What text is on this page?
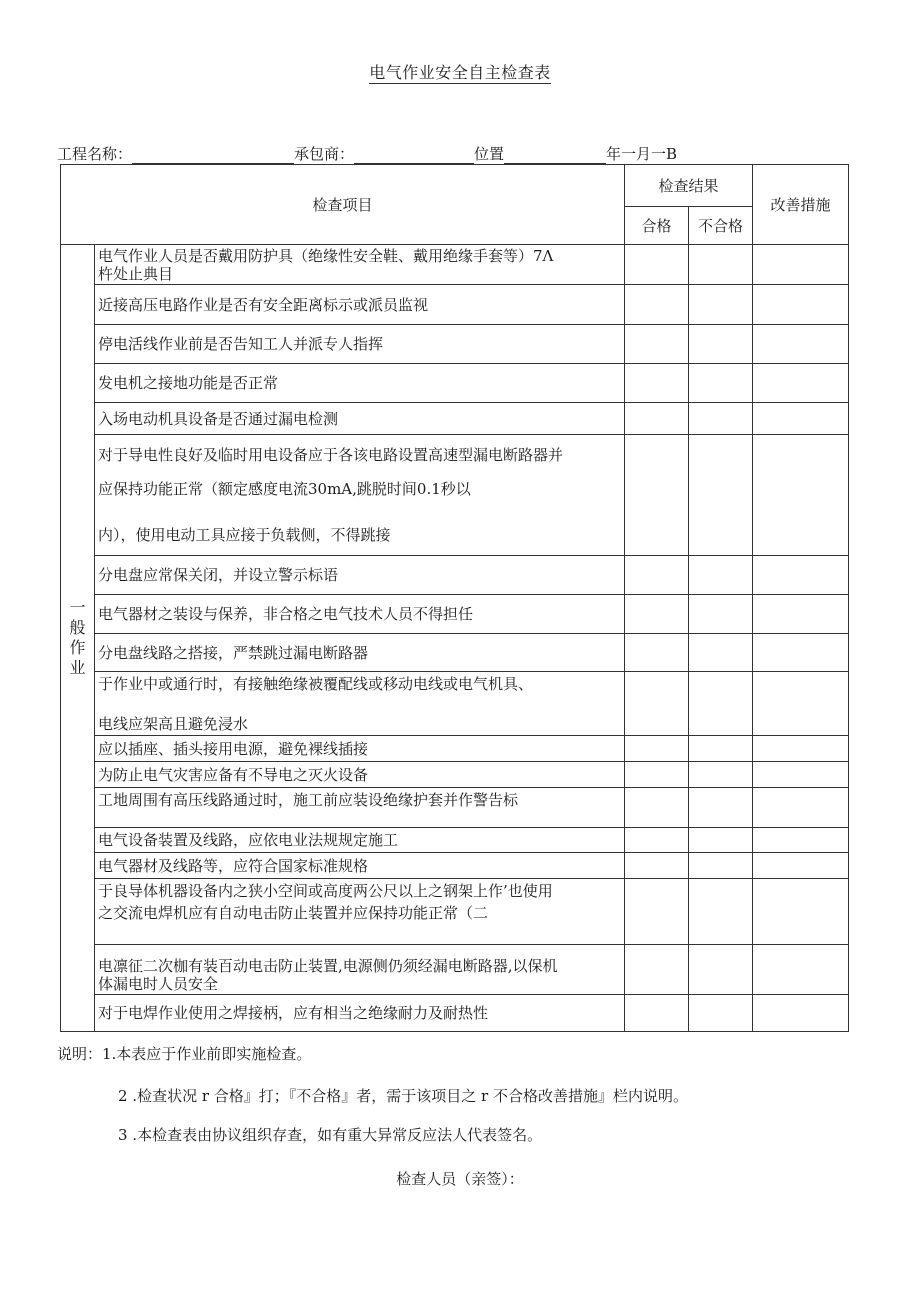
电气作业安全自主检查表
工程名称：	承包商：	位置	年一月一B
检查项目		检查结果		改善措施
		合格	不合格	
一般作业	电气作业人员是否戴用防护具（绝缘性安全鞋、戴用绝缘手套等）7Λ
杵处止典目			

	近接高压电路作业是否有安全距离标示或派员监视			
	停电活线作业前是否告知工人并派专人指挥			
	发电机之接地功能是否正常			
	入场电动机具设备是否通过漏电检测			

	对于导电性良好及临时用电设备应于各该电路设置高速型漏电断路器并

应保持功能正常（额定感度电流30mA,跳脱时间0.1秒以

内），使用电动工具应接于负载侧，不得跳接			

	分电盘应常保关闭，并设立警示标语			
	电气器材之装设与保养，非合格之电气技术人员不得担任			
	分电盘线路之搭接，严禁跳过漏电断路器			

	于作业中或通行时，有接触绝缘被覆配线或移动电线或电气机具、

电线应架高且避免浸水			

	应以插座、插头接用电源，避免裸线插接			
	为防止电气灾害应备有不导电之灭火设备			
	工地周围有高压线路通过时，施工前应装设绝缘护套并作警告标			
	电气设备装置及线路，应依电业法规规定施工			
	电气器材及线路等，应符合国家标准规格			

	于良导体机器设备内之狭小空间或高度两公尺以上之钢架上作’也使用
之交流电焊机应有自动电击防止装置并应保持功能正常（二			

	电凛征二次枷有装百动电击防止装置,电源侧仍须经漏电断路器,以保机
体漏电时人员安全			

	对于电焊作业使用之焊接柄，应有相当之绝缘耐力及耐热性			
说明：1.本表应于作业前即实施检查。
2 .检查状况 r 合格』打；『不合格』者，需于该项目之 r 不合格改善措施』栏内说明。
3 .本检查表由协议组织存查，如有重大异常反应法人代表签名。
检查人员（亲签）：
